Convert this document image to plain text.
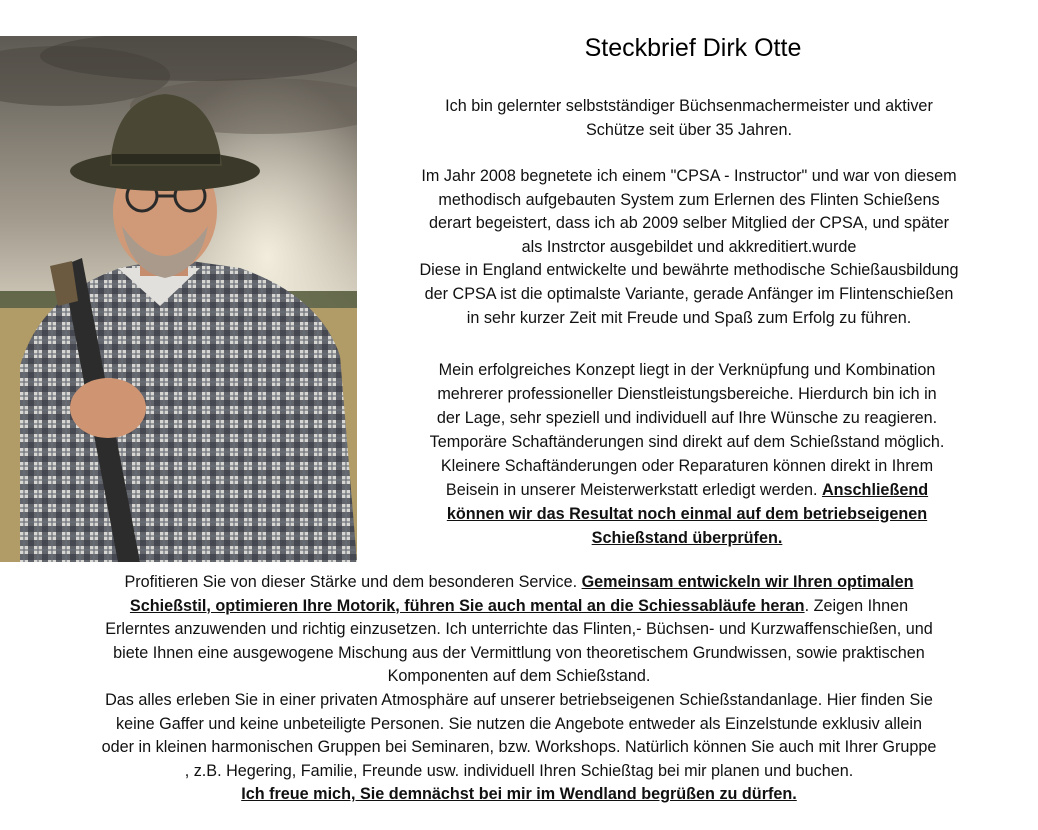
Steckbrief Dirk Otte
Ich bin gelernter selbstständiger Büchsenmachermeister und aktiver
Schütze seit über 35 Jahren.
Im Jahr 2008 begnetete ich einem "CPSA - Instructor" und war von diesem
methodisch aufgebauten System zum Erlernen des Flinten Schießens
derart begeistert, dass ich ab 2009 selber Mitglied der CPSA, und später
als Instrctor ausgebildet und akkreditiert.wurde
Diese in England entwickelte und bewährte methodische Schießausbildung
der CPSA ist die optimalste Variante, gerade Anfänger im Flintenschießen
in sehr kurzer Zeit mit Freude und Spaß zum Erfolg zu führen.
Mein erfolgreiches Konzept liegt in der Verknüpfung und Kombination
mehrerer professioneller Dienstleistungsbereiche. Hierdurch bin ich in
der Lage, sehr speziell und individuell auf Ihre Wünsche zu reagieren.
Temporäre Schaftänderungen sind direkt auf dem Schießstand möglich.
Kleinere Schaftänderungen oder Reparaturen können direkt in Ihrem
Beisein in unserer Meisterwerkstatt erledigt werden. Anschließend
können wir das Resultat noch einmal auf dem betriebseigenen
Schießstand überprüfen.
Profitieren Sie von dieser Stärke und dem besonderen Service. Gemeinsam entwickeln wir Ihren optimalen
Schießstil, optimieren Ihre Motorik, führen Sie auch mental an die Schiessabläufe heran. Zeigen Ihnen
Erlerntes anzuwenden und richtig einzusetzen. Ich unterrichte das Flinten,- Büchsen- und Kurzwaffenschießen, und
biete Ihnen eine ausgewogene Mischung aus der Vermittlung von theoretischem Grundwissen, sowie praktischen
Komponenten auf dem Schießstand.
Das alles erleben Sie in einer privaten Atmosphäre auf unserer betriebseigenen Schießstandanlage. Hier finden Sie
keine Gaffer und keine unbeteiligte Personen. Sie nutzen die Angebote entweder als Einzelstunde exklusiv allein
oder in kleinen harmonischen Gruppen bei Seminaren, bzw. Workshops. Natürlich können Sie auch mit Ihrer Gruppe
, z.B. Hegering, Familie, Freunde usw. individuell Ihren Schießtag bei mir planen und buchen.
Ich freue mich, Sie demnächst bei mir im Wendland begrüßen zu dürfen.
